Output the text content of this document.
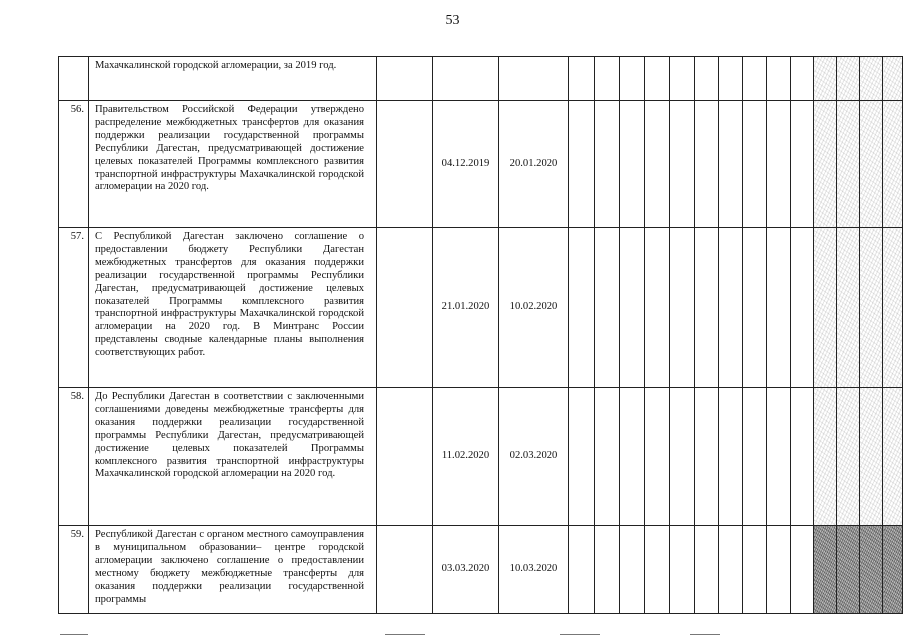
53
	Махачкалинской городской агломерации, за 2019 год.																	
56.	Правительством Российской Федерации утверждено распределение межбюджетных трансфертов для оказания поддержки реализации государственной программы Республики Дагестан, предусматривающей достижение целевых показателей Программы комплексного развития транспортной инфраструктуры Махачкалинской городской агломерации на 2020 год.		04.12.2019	20.01.2020														
57.	С Республикой Дагестан заключено соглашение о предоставлении бюджету Республики Дагестан межбюджетных трансфертов для оказания поддержки реализации государственной программы Республики Дагестан, предусматривающей достижение целевых показателей Программы комплексного развития транспортной инфраструктуры Махачкалинской городской агломерации на 2020 год. В Минтранс России представлены сводные календарные планы выполнения соответствующих работ.		21.01.2020	10.02.2020														
58.	До Республики Дагестан в соответствии с заключенными соглашениями доведены межбюджетные трансферты для оказания поддержки реализации государственной программы Республики Дагестан, предусматривающей достижение целевых показателей Программы комплексного развития транспортной инфраструктуры Махачкалинской городской агломерации на 2020 год.		11.02.2020	02.03.2020														
59.	Республикой Дагестан с органом местного самоуправления в муниципальном образовании– центре городской агломерации заключено соглашение о предоставлении местному бюджету межбюджетные трансферты для оказания поддержки реализации государственной программы		03.03.2020	10.03.2020														
